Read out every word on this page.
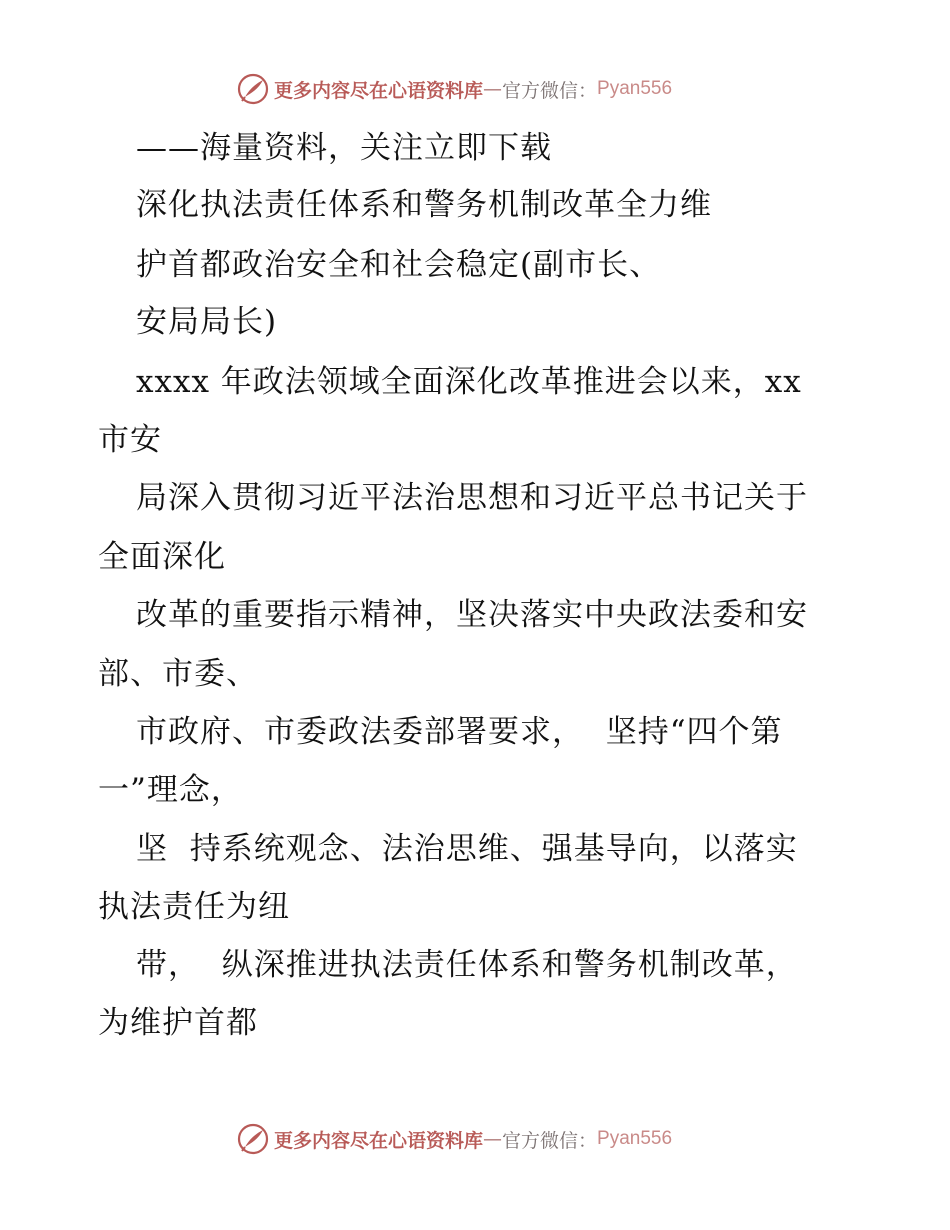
更多内容尽在心语资料库 — 官方微信： Pyan556
——海量资料，关注立即下载
深化执法责任体系和警务机制改革全力维
护首都政治安全和社会稳定(副市长、
安局局长)
xxxx 年政法领域全面深化改革推进会以来，xx
市安
局深入贯彻习近平法治思想和习近平总书记关于
全面深化
改革的重要指示精神，坚决落实中央政法委和安
部、市委、
市政府、市委政法委部署要求，  坚持“四个第
一”理念，
坚  持系统观念、法治思维、强基导向，以落实
执法责任为纽
带，  纵深推进执法责任体系和警务机制改革，
为维护首都
更多内容尽在心语资料库 — 官方微信： Pyan556
